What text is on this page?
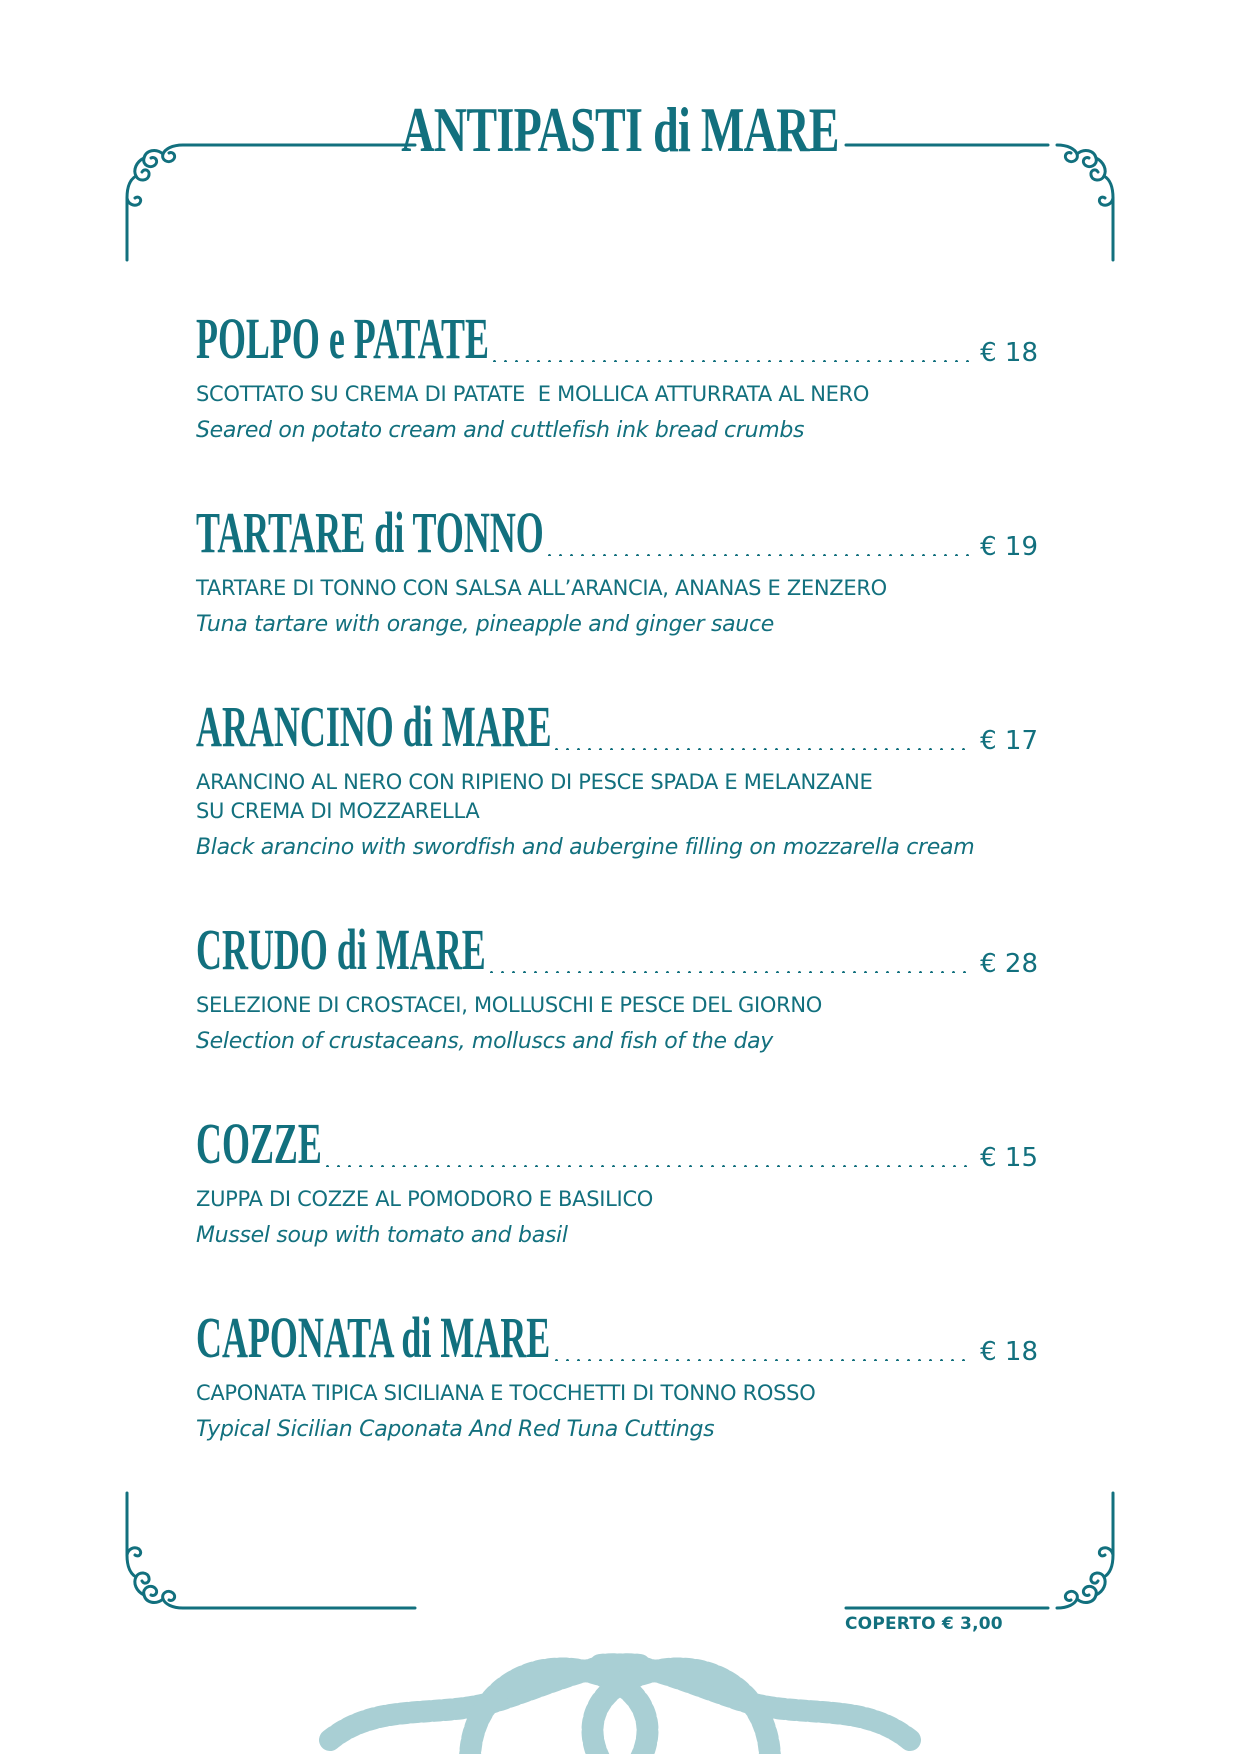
ANTIPASTI di MARE
POLPO e PATATE	€ 18
SCOTTATO SU CREMA DI PATATE  E MOLLICA ATTURRATA AL NERO
Seared on potato cream and cuttlefish ink bread crumbs
TARTARE di TONNO	€ 19
TARTARE DI TONNO CON SALSA ALL’ARANCIA, ANANAS E ZENZERO
Tuna tartare with orange, pineapple and ginger sauce
ARANCINO di MARE	€ 17
ARANCINO AL NERO CON RIPIENO DI PESCE SPADA E MELANZANE
SU CREMA DI MOZZARELLA
Black arancino with swordfish and aubergine filling on mozzarella cream
CRUDO di MARE	€ 28
SELEZIONE DI CROSTACEI, MOLLUSCHI E PESCE DEL GIORNO
Selection of crustaceans, molluscs and fish of the day
COZZE	€ 15
ZUPPA DI COZZE AL POMODORO E BASILICO
Mussel soup with tomato and basil
CAPONATA di MARE	€ 18
CAPONATA TIPICA SICILIANA E TOCCHETTI DI TONNO ROSSO
Typical Sicilian Caponata And Red Tuna Cuttings
COPERTO € 3,00
